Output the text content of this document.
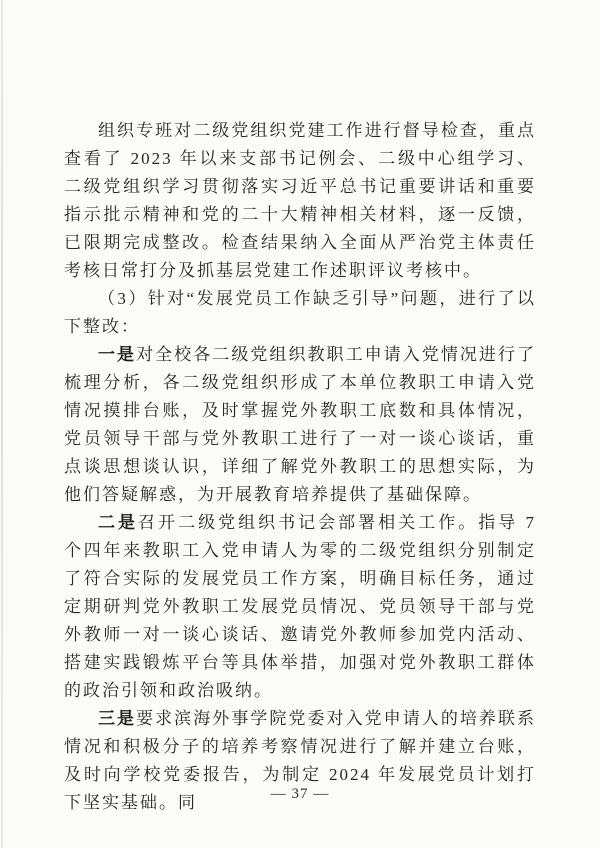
组织专班对二级党组织党建工作进行督导检查，重点查看了 2023 年以来支部书记例会、二级中心组学习、二级党组织学习贯彻落实习近平总书记重要讲话和重要指示批示精神和党的二十大精神相关材料，逐一反馈，已限期完成整改。检查结果纳入全面从严治党主体责任考核日常打分及抓基层党建工作述职评议考核中。

（3）针对“发展党员工作缺乏引导”问题，进行了以下整改：

一是对全校各二级党组织教职工申请入党情况进行了梳理分析，各二级党组织形成了本单位教职工申请入党情况摸排台账，及时掌握党外教职工底数和具体情况，党员领导干部与党外教职工进行了一对一谈心谈话，重点谈思想谈认识，详细了解党外教职工的思想实际，为他们答疑解惑，为开展教育培养提供了基础保障。

二是召开二级党组织书记会部署相关工作。指导 7 个四年来教职工入党申请人为零的二级党组织分别制定了符合实际的发展党员工作方案，明确目标任务，通过定期研判党外教职工发展党员情况、党员领导干部与党外教师一对一谈心谈话、邀请党外教师参加党内活动、搭建实践锻炼平台等具体举措，加强对党外教职工群体的政治引领和政治吸纳。

三是要求滨海外事学院党委对入党申请人的培养联系情况和积极分子的培养考察情况进行了解并建立台账，及时向学校党委报告，为制定 2024 年发展党员计划打下坚实基础。同	— 37 —
